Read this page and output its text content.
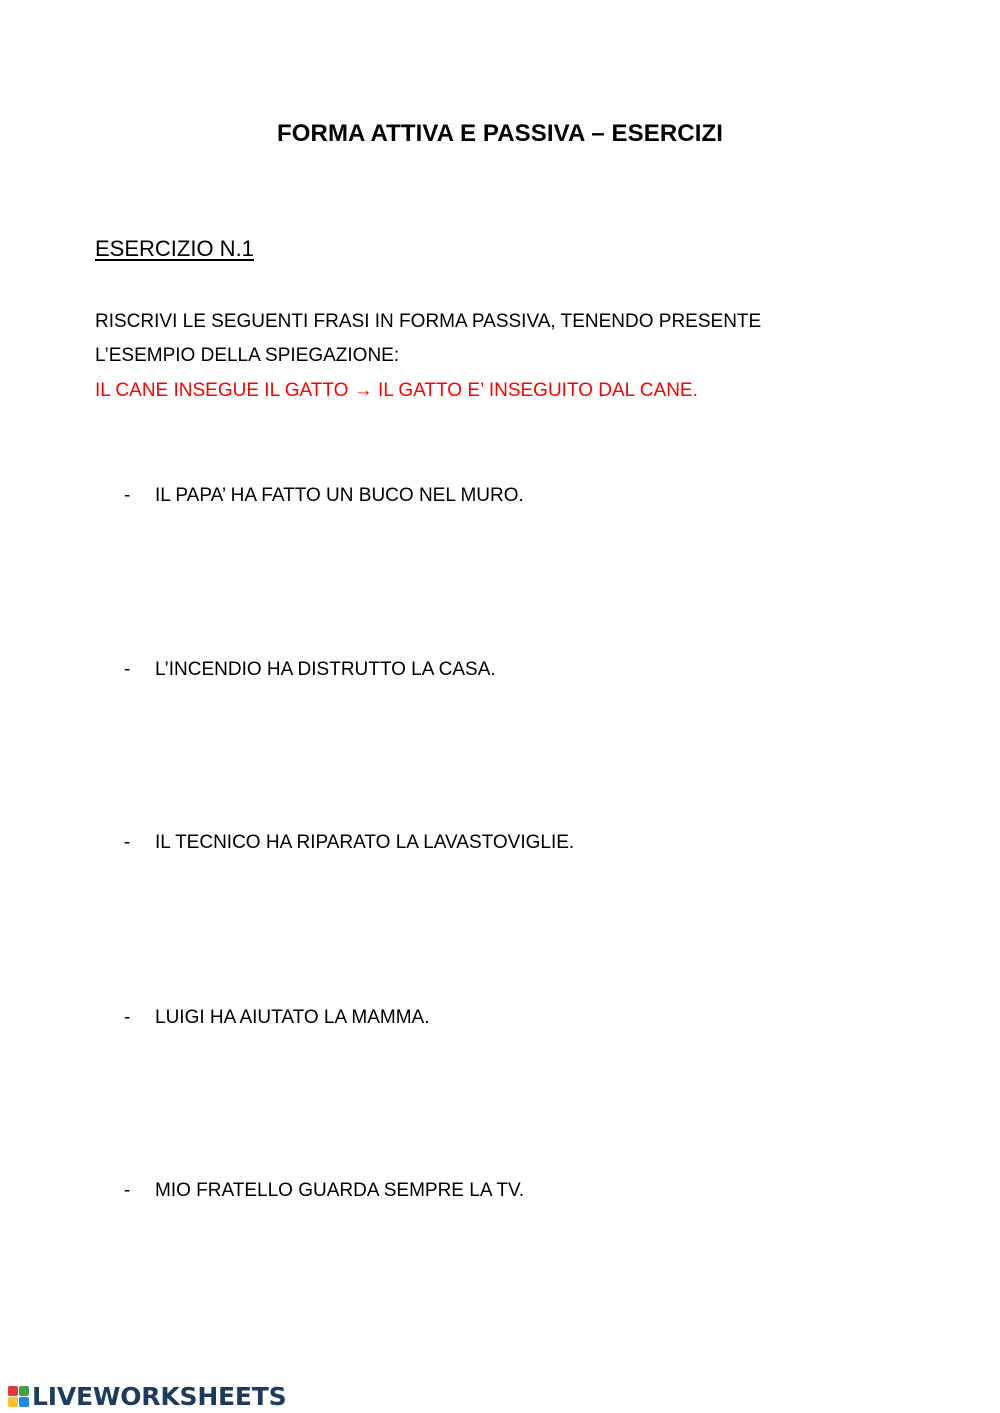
FORMA ATTIVA E PASSIVA – ESERCIZI
ESERCIZIO N.1
RISCRIVI LE SEGUENTI FRASI IN FORMA PASSIVA, TENENDO PRESENTE
L’ESEMPIO DELLA SPIEGAZIONE:
IL CANE INSEGUE IL GATTO → IL GATTO E’ INSEGUITO DAL CANE.
- IL PAPA’ HA FATTO UN BUCO NEL MURO.
- L’INCENDIO HA DISTRUTTO LA CASA.
- IL TECNICO HA RIPARATO LA LAVASTOVIGLIE.
- LUIGI HA AIUTATO LA MAMMA.
- MIO FRATELLO GUARDA SEMPRE LA TV.
LIVEWORKSHEETS
